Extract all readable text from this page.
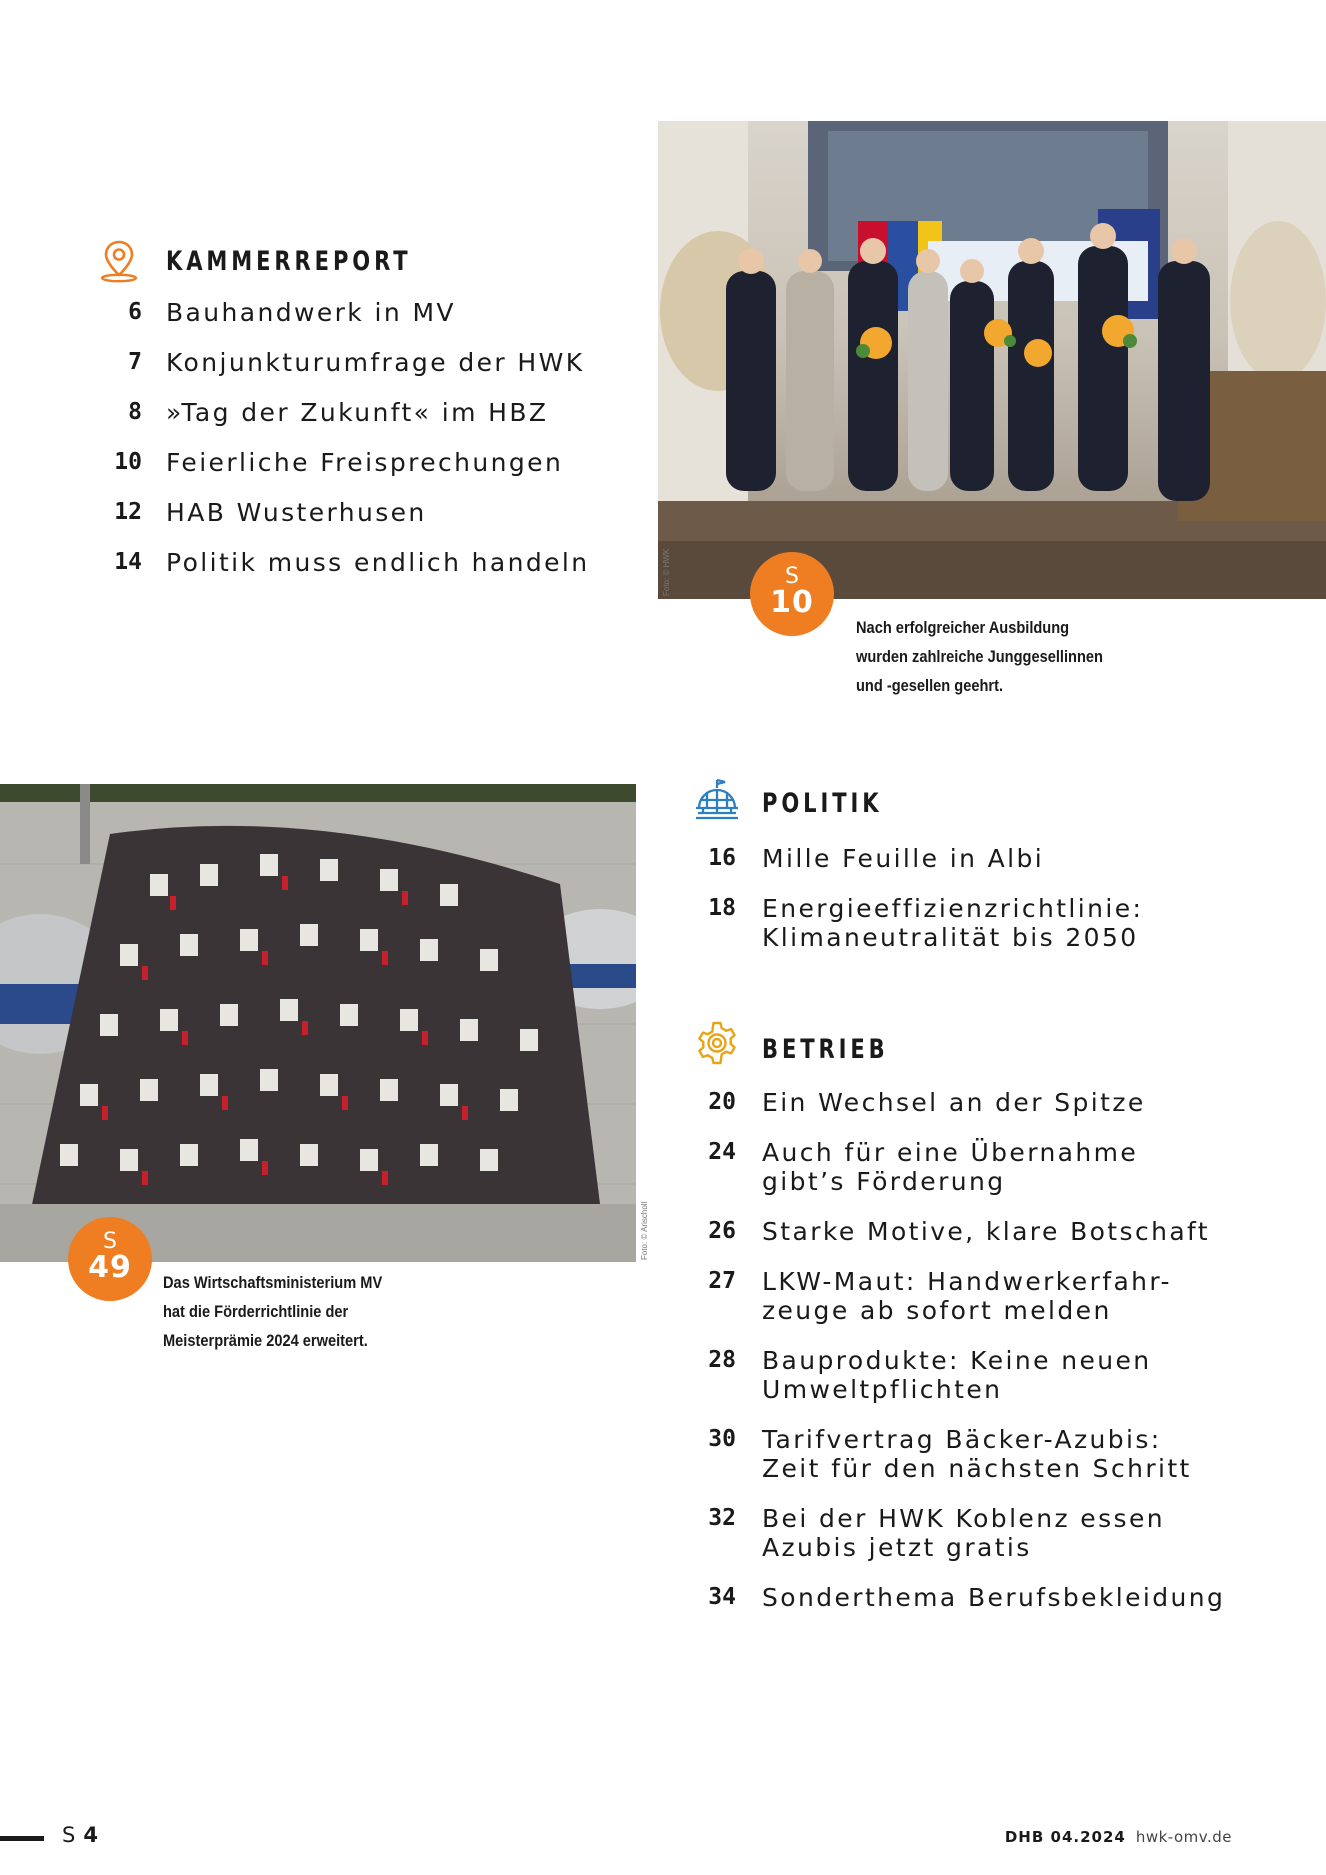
KAMMERREPORT
6 Bauhandwerk in MV
7 Konjunkturumfrage der HWK
8 »Tag der Zukunft« im HBZ
10 Feierliche Freisprechungen
12 HAB Wusterhusen
14 Politik muss endlich handeln	Foto: © HWK	S
10
Nach erfolgreicher Ausbildung
wurden zahlreiche Junggesellinnen
und -gesellen geehrt.
Foto: © Arischoll
S
49	Das Wirtschaftsministerium MV
hat die Förderrichtlinie der
Meisterprämie 2024 erweitert.
POLITIK
16 Mille Feuille in Albi
18 Energieeffizienzrichtlinie:
Klimaneutralität bis 2050
BETRIEB
20 Ein Wechsel an der Spitze
24 Auch für eine Übernahme
gibt’s Förderung
26 Starke Motive, klare Botschaft
27 LKW-Maut: Handwerkerfahr-
zeuge ab sofort melden
28 Bauprodukte: Keine neuen
Umweltpflichten
30 Tarifvertrag Bäcker-Azubis:
Zeit für den nächsten Schritt
32 Bei der HWK Koblenz essen
Azubis jetzt gratis
34 Sonderthema Berufsbekleidung
S 4	DHB 04.2024 hwk-omv.de
